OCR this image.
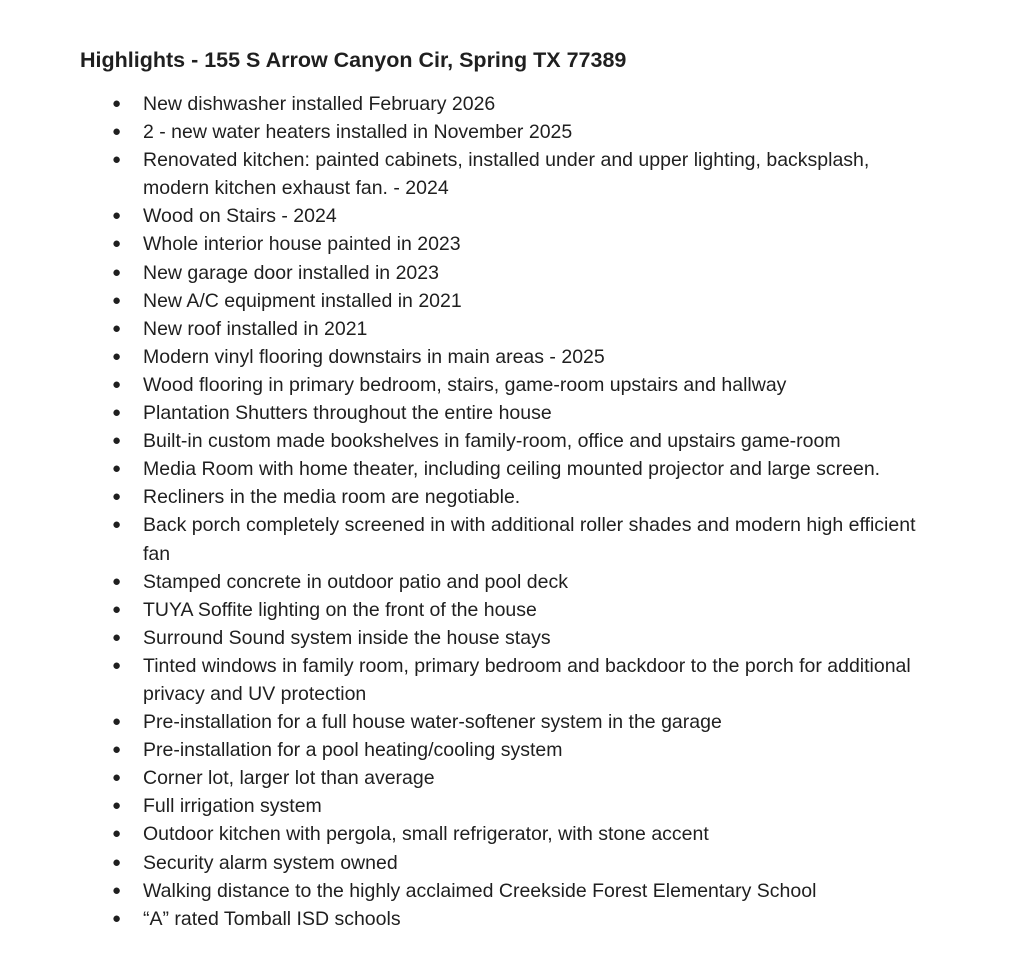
Highlights - 155 S Arrow Canyon Cir, Spring TX 77389
● New dishwasher installed February 2026
● 2 - new water heaters installed in November 2025
● Renovated kitchen: painted cabinets, installed under and upper lighting, backsplash, modern kitchen exhaust fan. - 2024
● Wood on Stairs - 2024
● Whole interior house painted in 2023
● New garage door installed in 2023
● New A/C equipment installed in 2021
● New roof installed in 2021
● Modern vinyl flooring downstairs in main areas - 2025
● Wood flooring in primary bedroom, stairs, game-room upstairs and hallway
● Plantation Shutters throughout the entire house
● Built-in custom made bookshelves in family-room, office and upstairs game-room
● Media Room with home theater, including ceiling mounted projector and large screen.
● Recliners in the media room are negotiable.
● Back porch completely screened in with additional roller shades and modern high efficient fan
● Stamped concrete in outdoor patio and pool deck
● TUYA Soffite lighting on the front of the house
● Surround Sound system inside the house stays
● Tinted windows in family room, primary bedroom and backdoor to the porch for additional privacy and UV protection
● Pre-installation for a full house water-softener system in the garage
● Pre-installation for a pool heating/cooling system
● Corner lot, larger lot than average
● Full irrigation system
● Outdoor kitchen with pergola, small refrigerator, with stone accent
● Security alarm system owned
● Walking distance to the highly acclaimed Creekside Forest Elementary School
● “A” rated Tomball ISD schools
